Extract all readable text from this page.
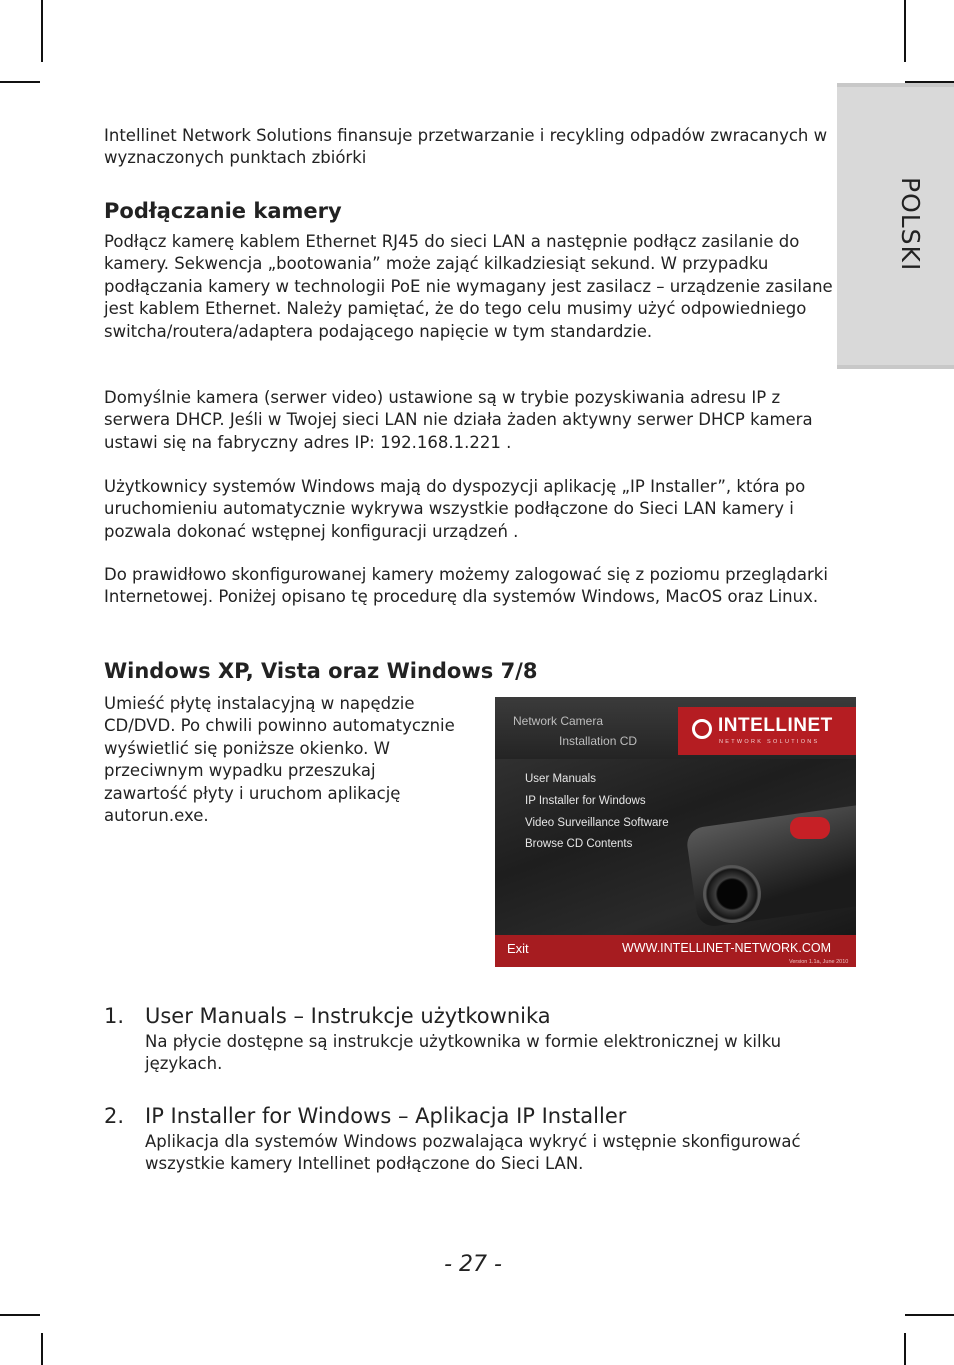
POLSKI

Intellinet Network Solutions finansuje przetwarzanie i recykling odpadów zwracanych w wyznaczonych punktach zbiórki

Podłączanie kamery

Podłącz kamerę kablem Ethernet RJ45 do sieci LAN a następnie podłącz zasilanie do kamery. Sekwencja „bootowania” może zająć kilkadziesiąt sekund. W przypadku podłączania kamery w technologii PoE nie wymagany jest zasilacz – urządzenie zasilane jest kablem Ethernet. Należy pamiętać, że do tego celu musimy użyć odpowiedniego switcha/routera/adaptera podającego napięcie w tym standardzie.

Domyślnie kamera (serwer video) ustawione są w trybie pozyskiwania adresu IP z serwera DHCP. Jeśli w Twojej sieci LAN nie działa żaden aktywny serwer DHCP kamera ustawi się na fabryczny adres IP: 192.168.1.221 .

Użytkownicy systemów Windows mają do dyspozycji aplikację „IP Installer”, która po uruchomieniu automatycznie wykrywa wszystkie podłączone do Sieci LAN kamery i pozwala dokonać wstępnej konfiguracji urządzeń .

Do prawidłowo skonfigurowanej kamery możemy zalogować się z poziomu przeglądarki Internetowej. Poniżej opisano tę procedurę dla systemów Windows, MacOS oraz Linux.

Windows XP, Vista oraz Windows 7/8

Umieść płytę instalacyjną w napędzie CD/DVD. Po chwili powinno automatycznie wyświetlić się poniższe okienko. W przeciwnym wypadku przeszukaj zawartość płyty i uruchom aplikację autorun.exe.

Network Camera
Installation CD
INTELLINET
NETWORK SOLUTIONS
User Manuals
IP Installer for Windows
Video Surveillance Software
Browse CD Contents
Exit	WWW.INTELLINET-NETWORK.COM
Version 1.1a, June 2010
1. User Manuals – Instrukcje użytkownika

Na płycie dostępne są instrukcje użytkownika w formie elektronicznej w kilku językach.

2. IP Installer for Windows – Aplikacja IP Installer

Aplikacja dla systemów Windows pozwalająca wykryć i wstępnie skonfigurować wszystkie kamery Intellinet podłączone do Sieci LAN.

- 27 -
